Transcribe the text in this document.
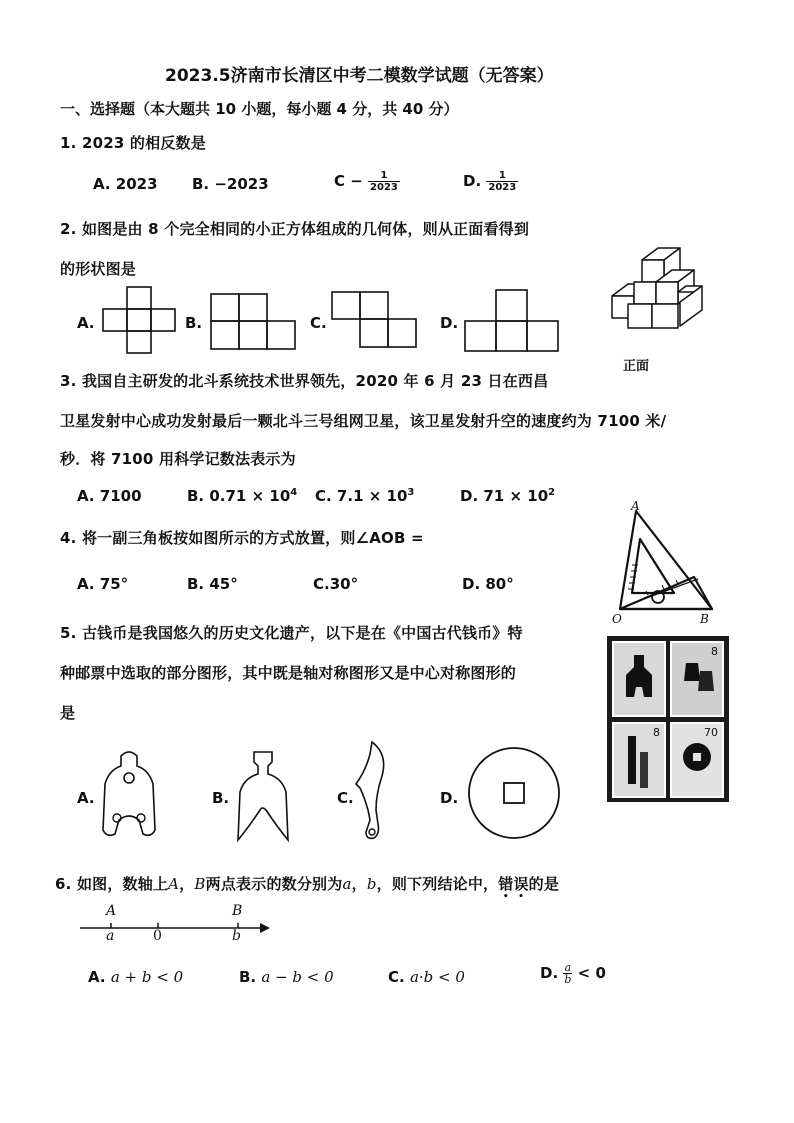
2023.5济南市长清区中考二模数学试题（无答案）
一、选择题（本大题共 10 小题，每小题 4 分，共 40 分）
1. 2023 的相反数是
A. 2023 B. −2023	$C - \frac{1}{2023}$	D. $\frac{1}{2023}$
2. 如图是由 8 个完全相同的小正方体组成的几何体，则从正面看得到
的形状图是
A.	B.	C.	D.
正面
3. 我国自主研发的北斗系统技术世界领先，2020 年 6 月 23 日在西昌
卫星发射中心成功发射最后一颗北斗三号组网卫星，该卫星发射升空的速度约为 7100 米/
秒．将 7100 用科学记数法表示为
A. 7100	B. $0.71 \times 10^4$ C. $7.1 \times 10^3$	D. $71 \times 10^2$
4. 将一副三角板按如图所示的方式放置，则∠AOB =
A. 75°	B. 45°	C.30°	D. 80°
A
O	B
5. 古钱币是我国悠久的历史文化遗产，以下是在《中国古代钱币》特
种邮票中选取的部分图形，其中既是轴对称图形又是中心对称图形的
是
8
8	70
A.	B.	C.	D.
6. 如图，数轴上A，B两点表示的数分别为a，b，则下列结论中，错误的是
A
a	0
B
b
A. a + b < 0	B. a − b < 0	C. a·b < 0	D. $\frac{a}{b} < 0$
